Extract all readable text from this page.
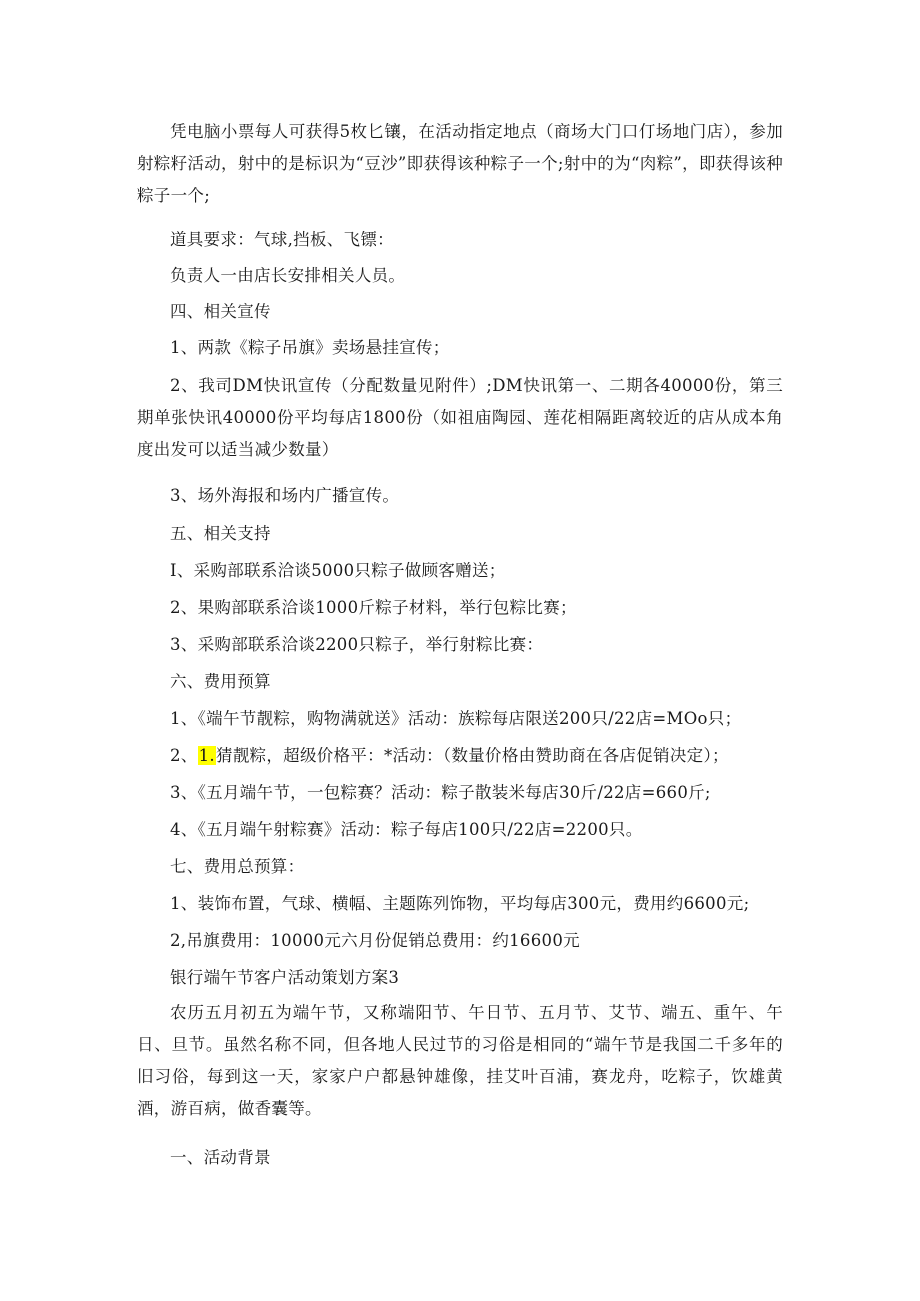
凭电脑小票每人可获得5枚匕镶，在活动指定地点（商场大门口仃场地门店），参加射粽籽活动，射中的是标识为“豆沙”即获得该种粽子一个;射中的为“肉粽”，即获得该种粽子一个;

道具要求：气球,挡板、飞镖：

负责人一由店长安排相关人员。

四、相关宣传

1、两款《粽子吊旗》卖场悬挂宣传；

2、我司DM快讯宣传（分配数量见附件）;DM快讯第一、二期各40000份，第三期单张快讯40000份平均每店1800份（如祖庙陶园、莲花相隔距离较近的店从成本角度出发可以适当减少数量）

3、场外海报和场内广播宣传。

五、相关支持

I、采购部联系洽谈5000只粽子做顾客赠送；

2、果购部联系洽谈1000斤粽子材料，举行包粽比赛；

3、采购部联系洽谈2200只粽子，举行射粽比赛：

六、费用预算

1、《端午节靓粽，购物满就送》活动：族粽每店限送200只/22店=MOo只；

2、1.猜靓粽，超级价格平：*活动：（数量价格由赞助商在各店促销决定）；

3、《五月端午节，一包粽赛？活动：粽子散装米每店30斤/22店=660斤;

4、《五月端午射粽赛》活动：粽子每店100只/22店=2200只。

七、费用总预算：

1、装饰布置，气球、横幅、主题陈列饰物，平均每店300元，费用约6600元;

2,吊旗费用：10000元六月份促销总费用：约16600元

银行端午节客户活动策划方案3

农历五月初五为端午节，又称端阳节、午日节、五月节、艾节、端五、重午、午日、旦节。虽然名称不同，但各地人民过节的习俗是相同的“端午节是我国二千多年的旧习俗，每到这一天，家家户户都悬钟雄像，挂艾叶百浦，赛龙舟，吃粽子，饮雄黄酒，游百病，做香囊等。

一、活动背景
